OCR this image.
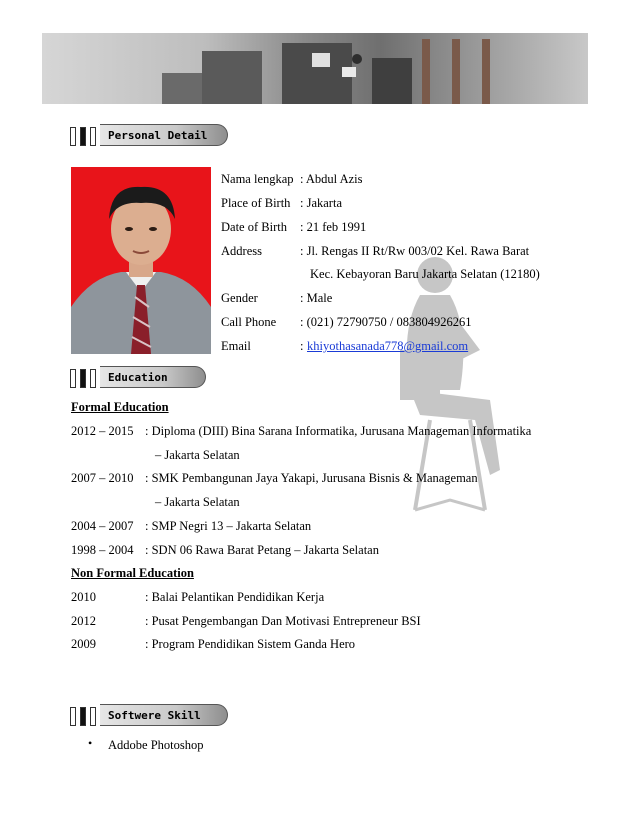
Personal Detail
Nama lengkap : Abdul Azis
Place of Birth : Jakarta
Date of Birth : 21 feb 1991
Address	: Jl. Rengas II Rt/Rw 003/02 Kel. Rawa Barat
Kec. Kebayoran Baru Jakarta Selatan (12180)
Gender	: Male
Call Phone : (021) 72790750 / 083804926261
Email	: khiyothasanada778@gmail.com
Education
Formal Education
2012 – 2015 : Diploma (DIII) Bina Sarana Informatika, Jurusana Manageman Informatika
– Jakarta Selatan
2007 – 2010 : SMK Pembangunan Jaya Yakapi, Jurusana Bisnis & Manageman
– Jakarta Selatan
2004 – 2007 : SMP Negri 13 – Jakarta Selatan
1998 – 2004 : SDN 06 Rawa Barat Petang – Jakarta Selatan
Non Formal Education
2010	: Balai Pelantikan Pendidikan Kerja
2012	: Pusat Pengembangan Dan Motivasi Entrepreneur BSI
2009	: Program Pendidikan Sistem Ganda Hero
Softwere Skill
• Addobe Photoshop
